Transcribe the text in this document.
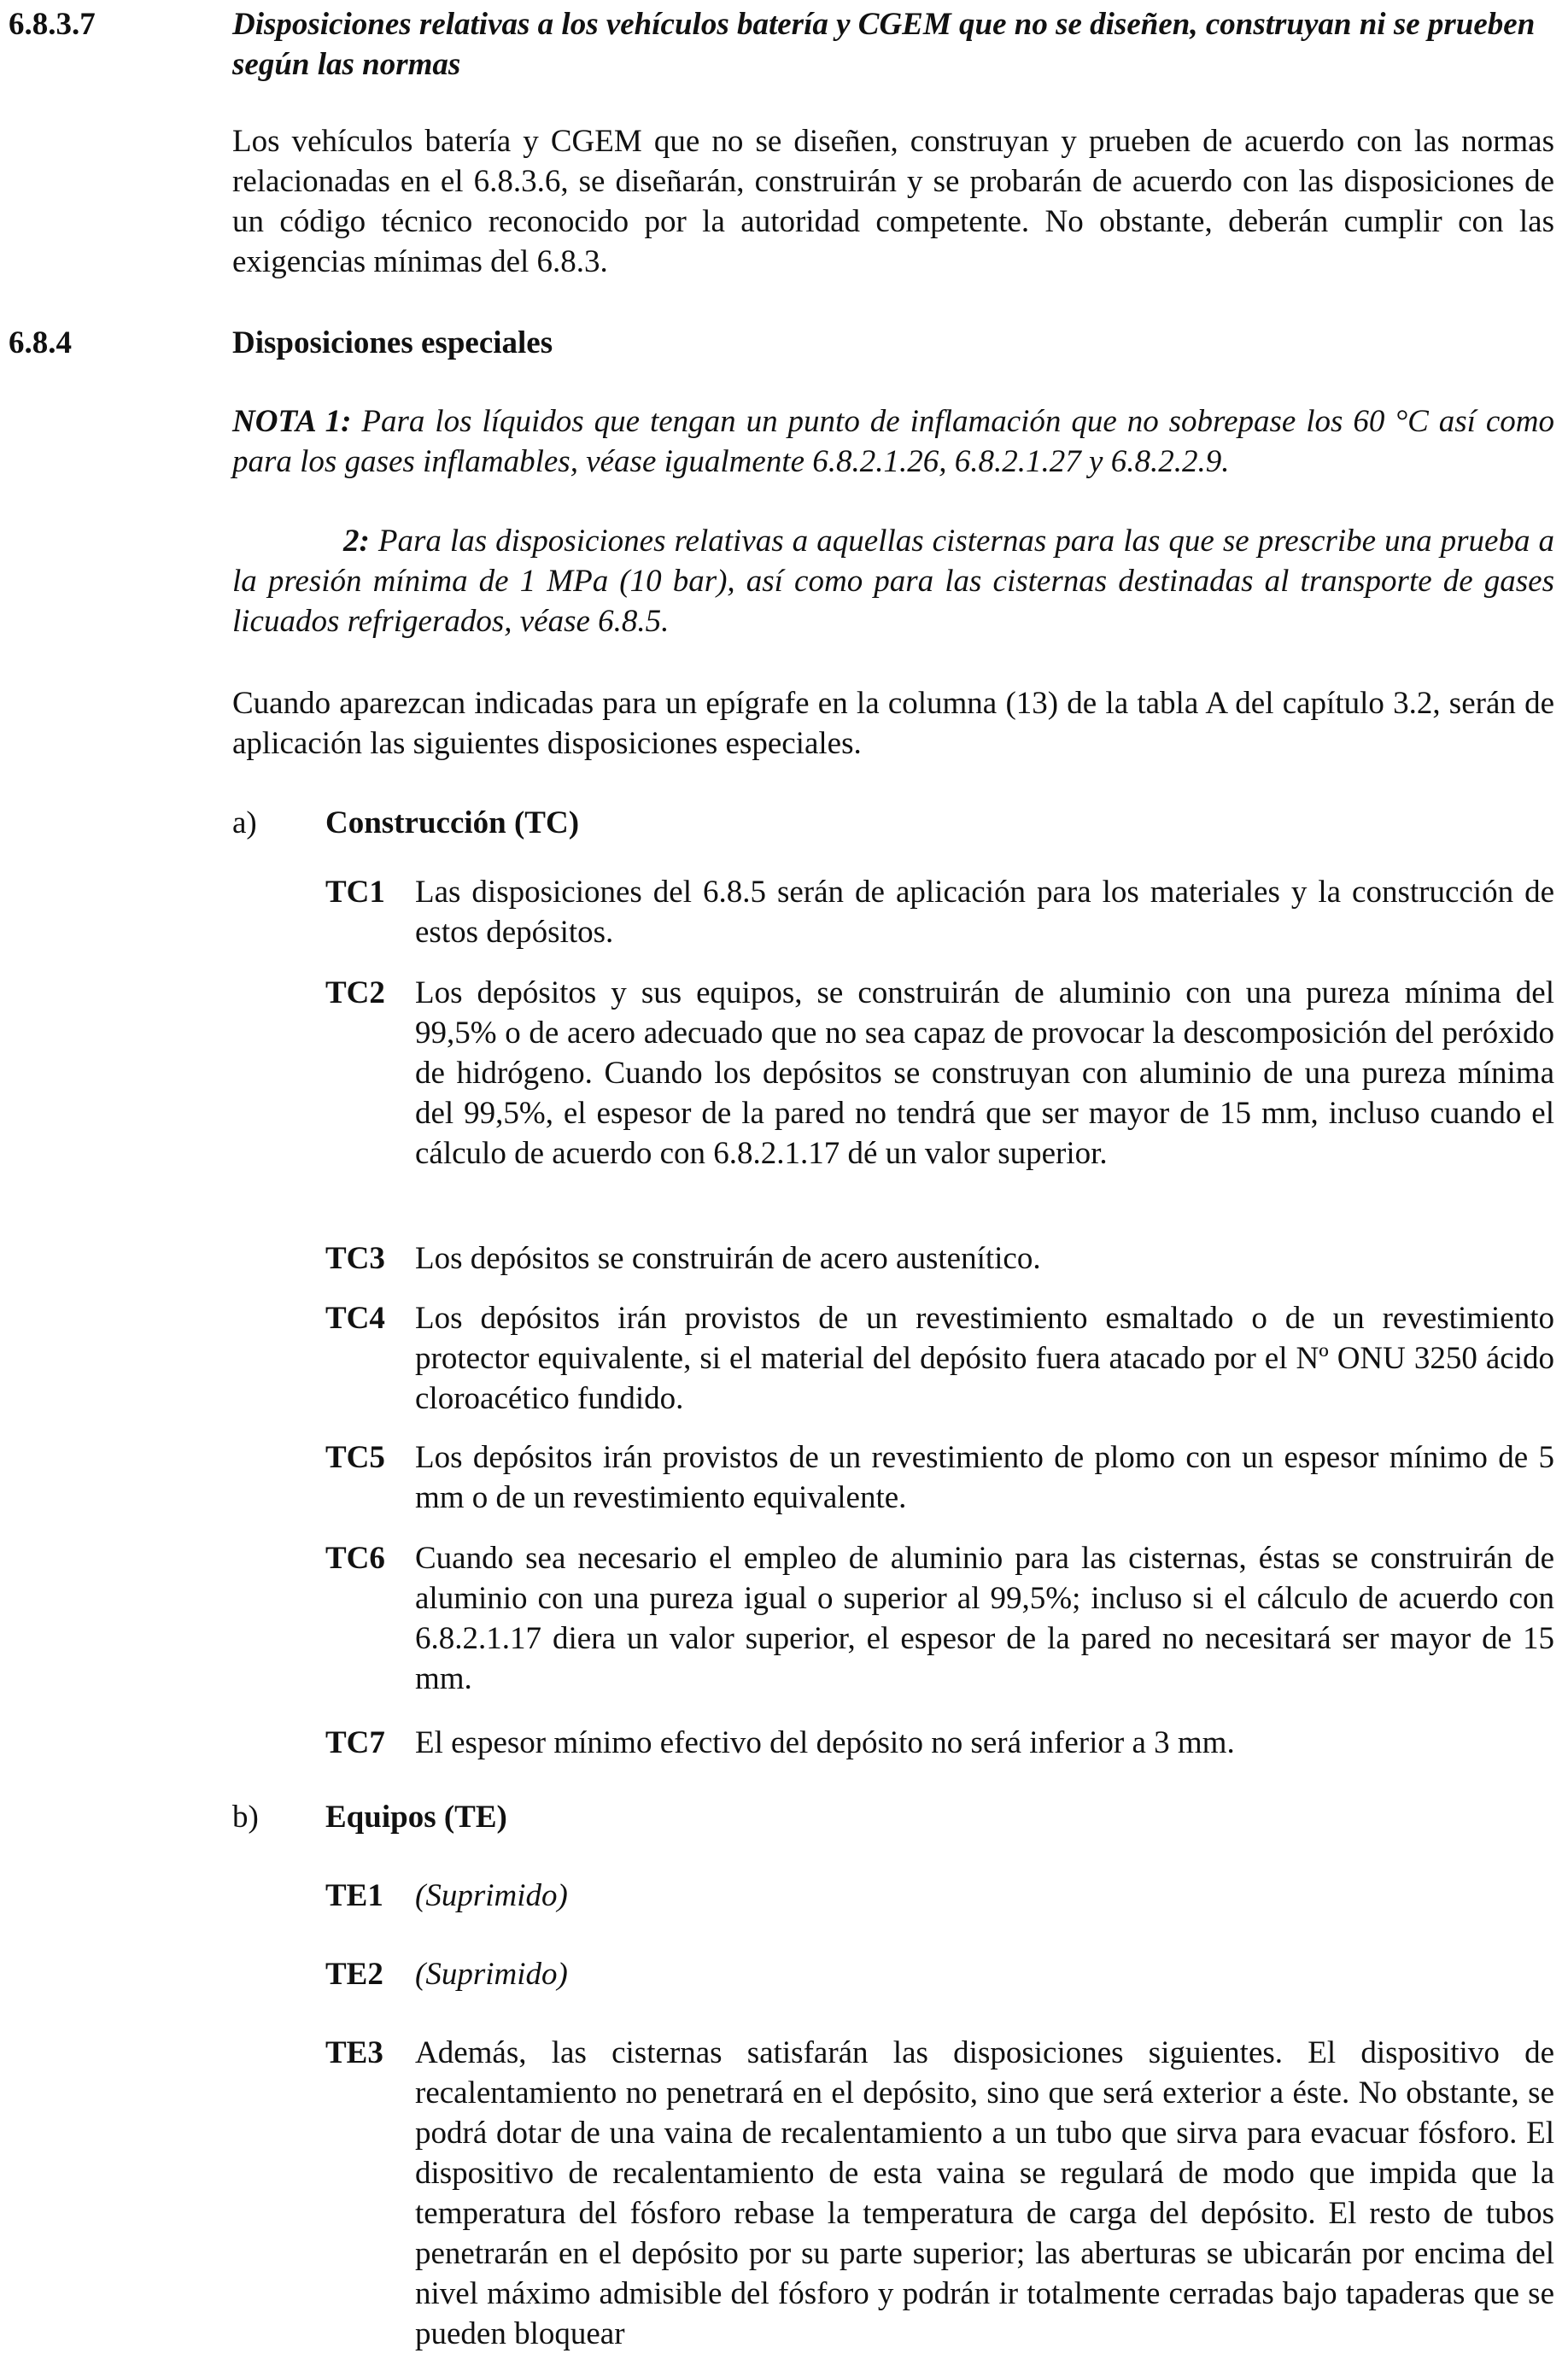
6.8.3.7	Disposiciones relativas a los vehículos batería y CGEM que no se diseñen, construyan ni se prueben según las normas
Los vehículos batería y CGEM que no se diseñen, construyan y prueben de acuerdo con las normas relacionadas en el 6.8.3.6, se diseñarán, construirán y se probarán de acuerdo con las disposiciones de un código técnico reconocido por la autoridad competente. No obstante, deberán cumplir con las exigencias mínimas del 6.8.3.
6.8.4	Disposiciones especiales
NOTA 1: Para los líquidos que tengan un punto de inflamación que no sobrepase los 60 °C así como para los gases inflamables, véase igualmente 6.8.2.1.26, 6.8.2.1.27 y 6.8.2.2.9.
2: Para las disposiciones relativas a aquellas cisternas para las que se prescribe una prueba a la presión mínima de 1 MPa (10 bar), así como para las cisternas destinadas al transporte de gases licuados refrigerados, véase 6.8.5.
Cuando aparezcan indicadas para un epígrafe en la columna (13) de la tabla A del capítulo 3.2, serán de aplicación las siguientes disposiciones especiales.
a) Construcción (TC)
TC1 Las disposiciones del 6.8.5 serán de aplicación para los materiales y la construcción de estos depósitos.
TC2 Los depósitos y sus equipos, se construirán de aluminio con una pureza mínima del 99,5% o de acero adecuado que no sea capaz de provocar la descomposición del peróxido de hidrógeno. Cuando los depósitos se construyan con aluminio de una pureza mínima del 99,5%, el espesor de la pared no tendrá que ser mayor de 15 mm, incluso cuando el cálculo de acuerdo con 6.8.2.1.17 dé un valor superior.
TC3 Los depósitos se construirán de acero austenítico.
TC4 Los depósitos irán provistos de un revestimiento esmaltado o de un revestimiento protector equivalente, si el material del depósito fuera atacado por el Nº ONU 3250 ácido cloroacético fundido.
TC5 Los depósitos irán provistos de un revestimiento de plomo con un espesor mínimo de 5 mm o de un revestimiento equivalente.
TC6 Cuando sea necesario el empleo de aluminio para las cisternas, éstas se construirán de aluminio con una pureza igual o superior al 99,5%; incluso si el cálculo de acuerdo con 6.8.2.1.17 diera un valor superior, el espesor de la pared no necesitará ser mayor de 15 mm.
TC7 El espesor mínimo efectivo del depósito no será inferior a 3 mm.
b) Equipos (TE)
TE1 (Suprimido)
TE2 (Suprimido)
TE3 Además, las cisternas satisfarán las disposiciones siguientes. El dispositivo de recalentamiento no penetrará en el depósito, sino que será exterior a éste. No obstante, se podrá dotar de una vaina de recalentamiento a un tubo que sirva para evacuar fósforo. El dispositivo de recalentamiento de esta vaina se regulará de modo que impida que la temperatura del fósforo rebase la temperatura de carga del depósito. El resto de tubos penetrarán en el depósito por su parte superior; las aberturas se ubicarán por encima del nivel máximo admisible del fósforo y podrán ir totalmente cerradas bajo tapaderas que se pueden bloquear
